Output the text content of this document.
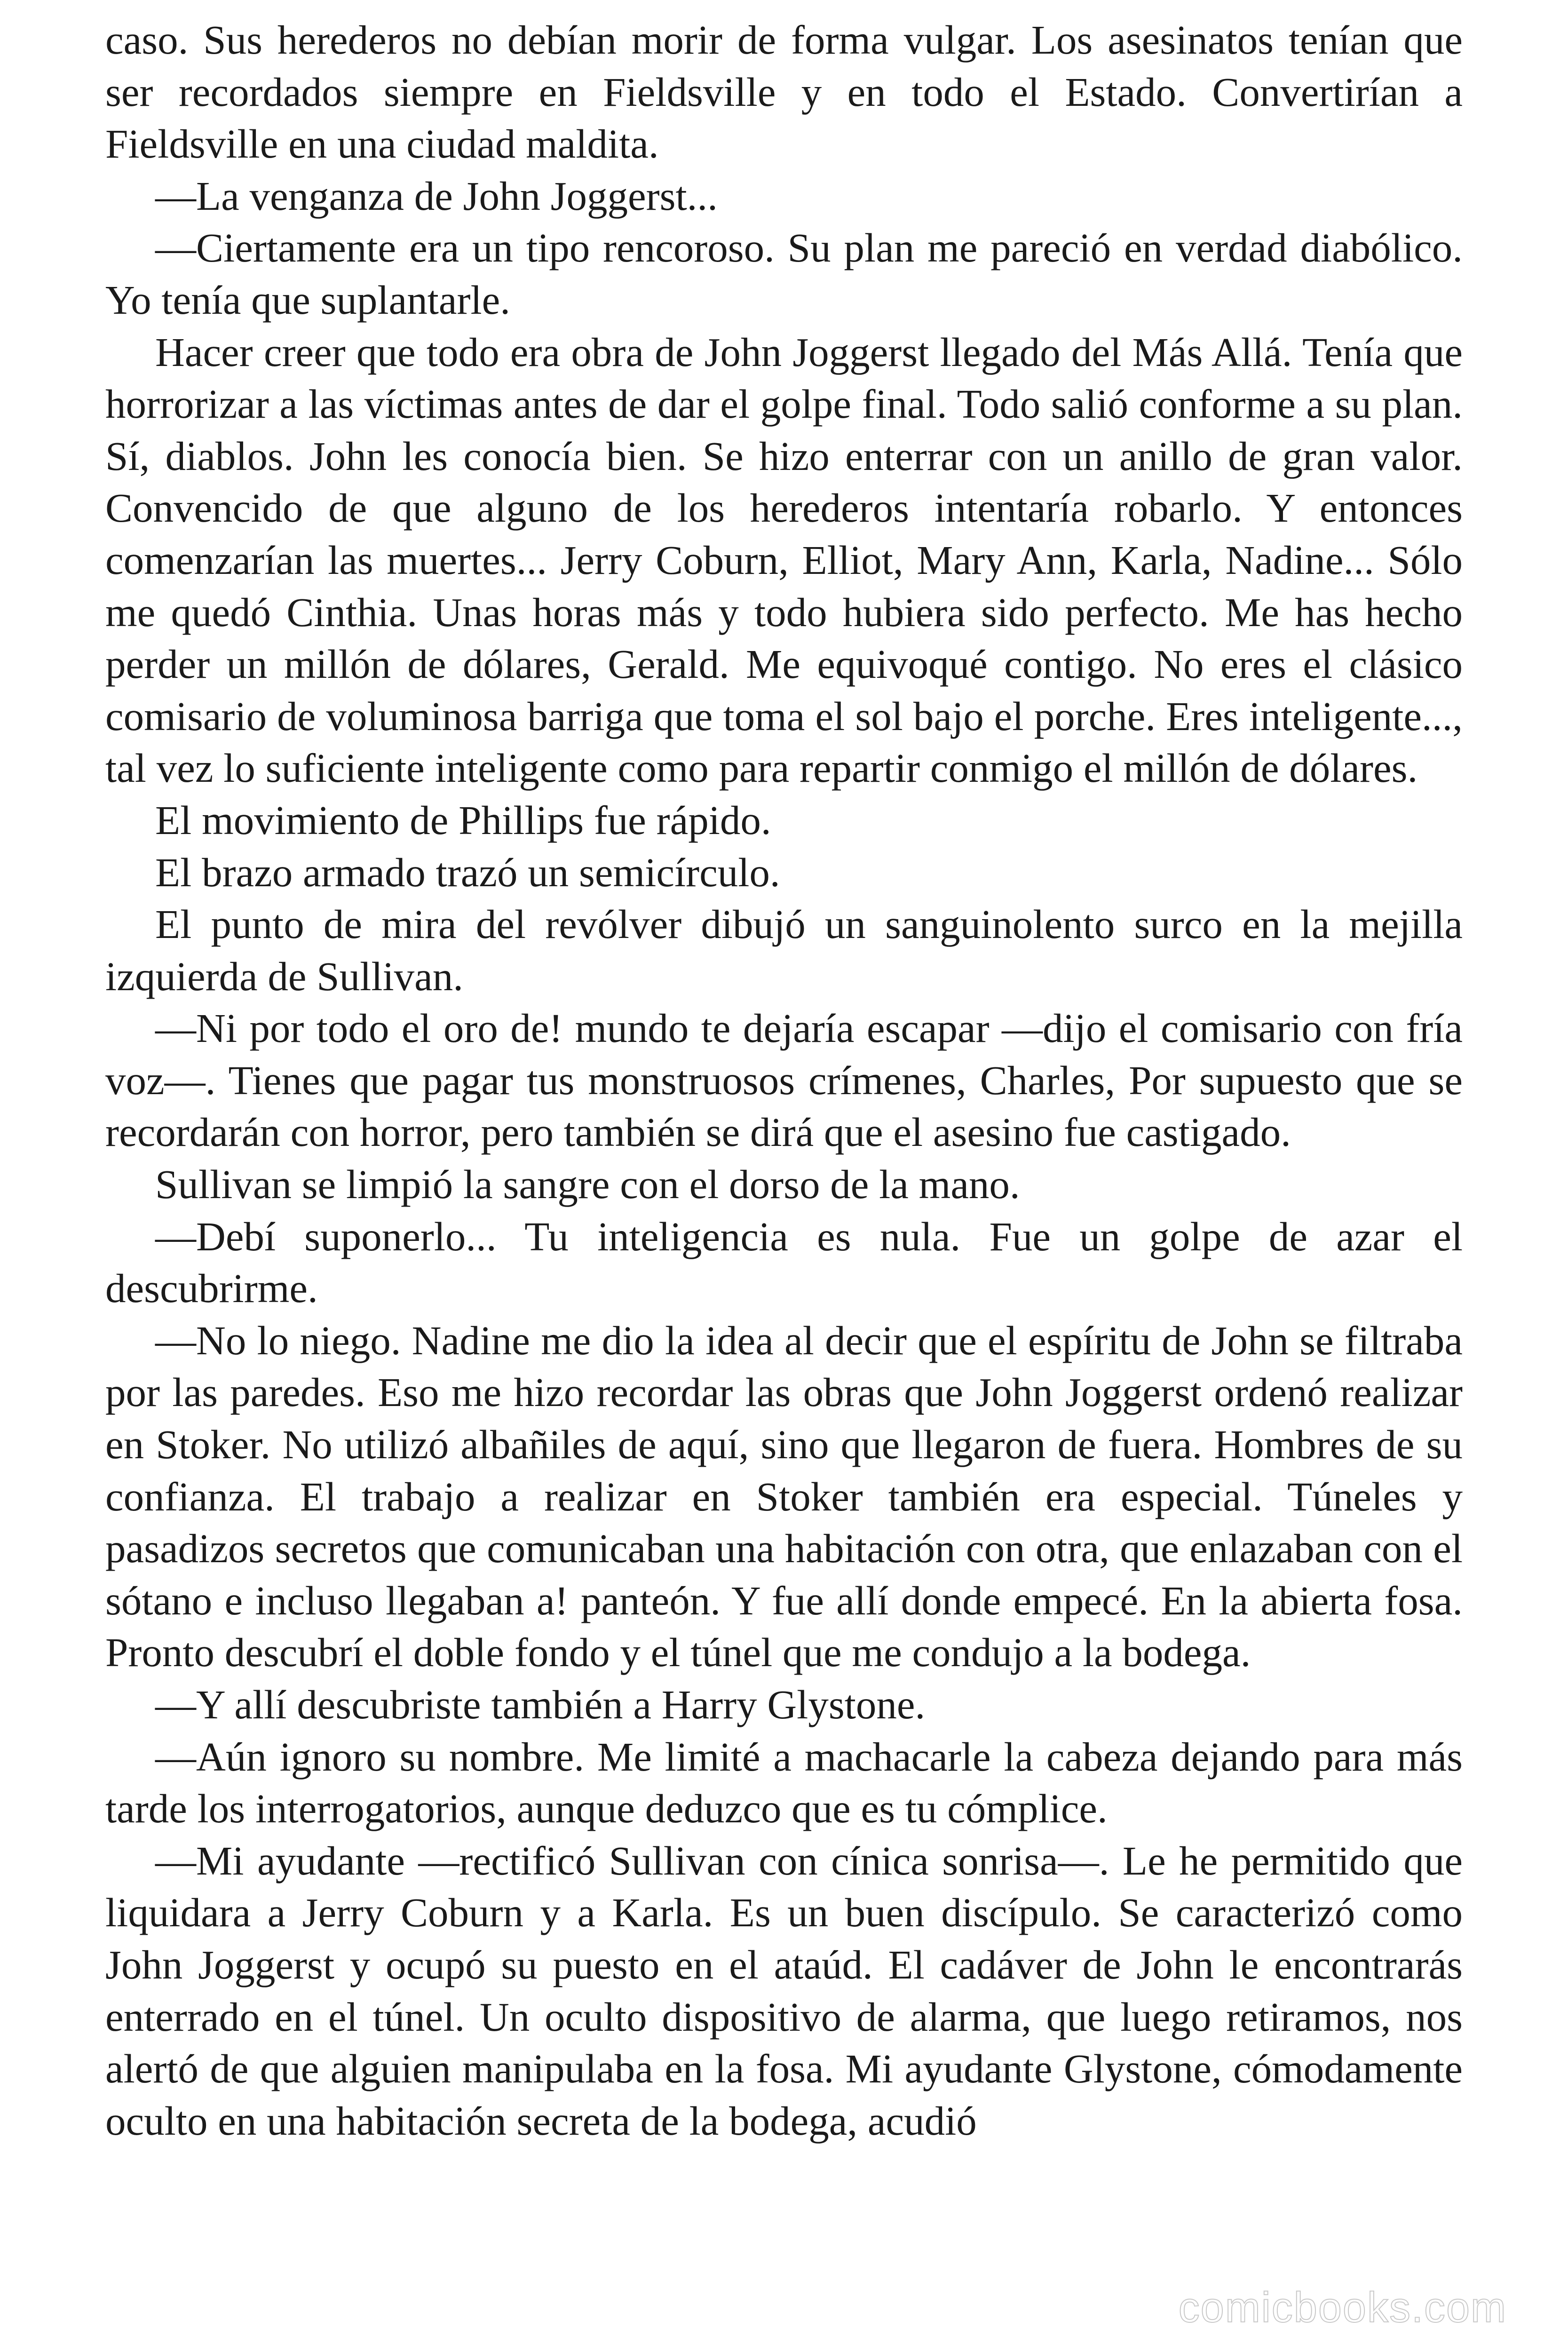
caso. Sus herederos no debían morir de forma vulgar. Los asesinatos tenían que ser recordados siempre en Fieldsville y en todo el Estado. Convertirían a Fieldsville en una ciudad maldita.

—La venganza de John Joggerst...

—Ciertamente era un tipo rencoroso. Su plan me pareció en verdad diabólico. Yo tenía que suplantarle.

Hacer creer que todo era obra de John Joggerst llegado del Más Allá. Tenía que horrorizar a las víctimas antes de dar el golpe final. Todo salió conforme a su plan. Sí, diablos. John les conocía bien. Se hizo enterrar con un anillo de gran valor. Convencido de que alguno de los herederos intentaría robarlo. Y entonces comenzarían las muertes... Jerry Coburn, Elliot, Mary Ann, Karla, Nadine... Sólo me quedó Cinthia. Unas horas más y todo hubiera sido perfecto. Me has hecho perder un millón de dólares, Gerald. Me equivoqué contigo. No eres el clásico comisario de voluminosa barriga que toma el sol bajo el porche. Eres inteligente..., tal vez lo suficiente inteligente como para repartir conmigo el millón de dólares.

El movimiento de Phillips fue rápido.

El brazo armado trazó un semicírculo.

El punto de mira del revólver dibujó un sanguinolento surco en la mejilla izquierda de Sullivan.

—Ni por todo el oro de! mundo te dejaría escapar —dijo el comisario con fría voz—. Tienes que pagar tus monstruosos crímenes, Charles, Por supuesto que se recordarán con horror, pero también se dirá que el asesino fue castigado.

Sullivan se limpió la sangre con el dorso de la mano.

—Debí suponerlo... Tu inteligencia es nula. Fue un golpe de azar el descubrirme.

—No lo niego. Nadine me dio la idea al decir que el espíritu de John se filtraba por las paredes. Eso me hizo recordar las obras que John Joggerst ordenó realizar en Stoker. No utilizó albañiles de aquí, sino que llegaron de fuera. Hombres de su confianza. El trabajo a realizar en Stoker también era especial. Túneles y pasadizos secretos que comunicaban una habitación con otra, que enlazaban con el sótano e incluso llegaban a! panteón. Y fue allí donde empecé. En la abierta fosa. Pronto descubrí el doble fondo y el túnel que me condujo a la bodega.

—Y allí descubriste también a Harry Glystone.

—Aún ignoro su nombre. Me limité a machacarle la cabeza dejando para más tarde los interrogatorios, aunque deduzco que es tu cómplice.

—Mi ayudante —rectificó Sullivan con cínica sonrisa—. Le he permitido que liquidara a Jerry Coburn y a Karla. Es un buen discípulo. Se caracterizó como John Joggerst y ocupó su puesto en el ataúd. El cadáver de John le encontrarás enterrado en el túnel. Un oculto dispositivo de alarma, que luego retiramos, nos alertó de que alguien manipulaba en la fosa. Mi ayudante Glystone, cómodamente oculto en una habitación secreta de la bodega, acudió

comicbooks.com
